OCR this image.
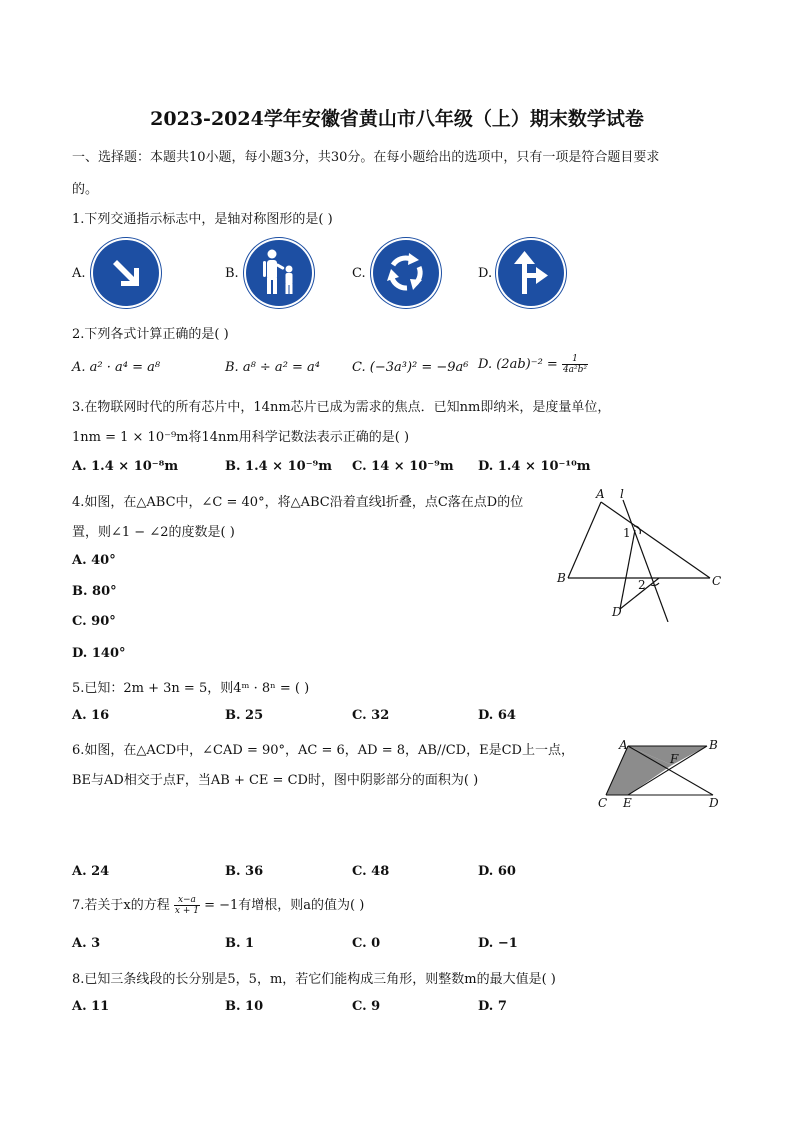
2023-2024学年安徽省黄山市八年级（上）期末数学试卷
一、选择题：本题共10小题，每小题3分，共30分。在每小题给出的选项中，只有一项是符合题目要求
的。
1.下列交通指示标志中，是轴对称图形的是( )
A.	B.	C.	D.
2.下列各式计算正确的是( )
A. a² · a⁴ = a⁸	B. a⁸ ÷ a² = a⁴ C. (−3a³)² = −9a⁶ D. $(2ab)^{-2} = \frac{1}{\text{4a²b²}}$
3.在物联网时代的所有芯片中，14nm芯片已成为需求的焦点．已知nm即纳米，是度量单位，
1nm = 1 × 10⁻⁹m将14nm用科学记数法表示正确的是( )
A. 1.4 × 10⁻⁸m	B. 1.4 × 10⁻⁹m C. 14 × 10⁻⁹m D. 1.4 × 10⁻¹⁰m
4.如图，在△ABC中，∠C = 40°，将△ABC沿着直线l折叠，点C落在点D的位
置，则∠1 − ∠2的度数是( )
A. 40°
B. 80°
C. 90°
D. 140°
A l
1
B	C
2
D
5.已知：2m + 3n = 5，则4ᵐ · 8ⁿ = ( )
A. 16	B. 25	C. 32	D. 64
6.如图，在△ACD中，∠CAD = 90°，AC = 6，AD = 8，AB//CD，E是CD上一点，
BE与AD相交于点F，当AB + CE = CD时，图中阴影部分的面积为( )
A	B
F
C E	D
A. 24	B. 36	C. 48	D. 60
7.若关于x的方程 $\frac{x-a}{x + 1} = -1$有增根，则a的值为( )
A. 3	B. 1	C. 0	D. −1
8.已知三条线段的长分别是5，5，m，若它们能构成三角形，则整数m的最大值是( )
A. 11	B. 10	C. 9	D. 7
